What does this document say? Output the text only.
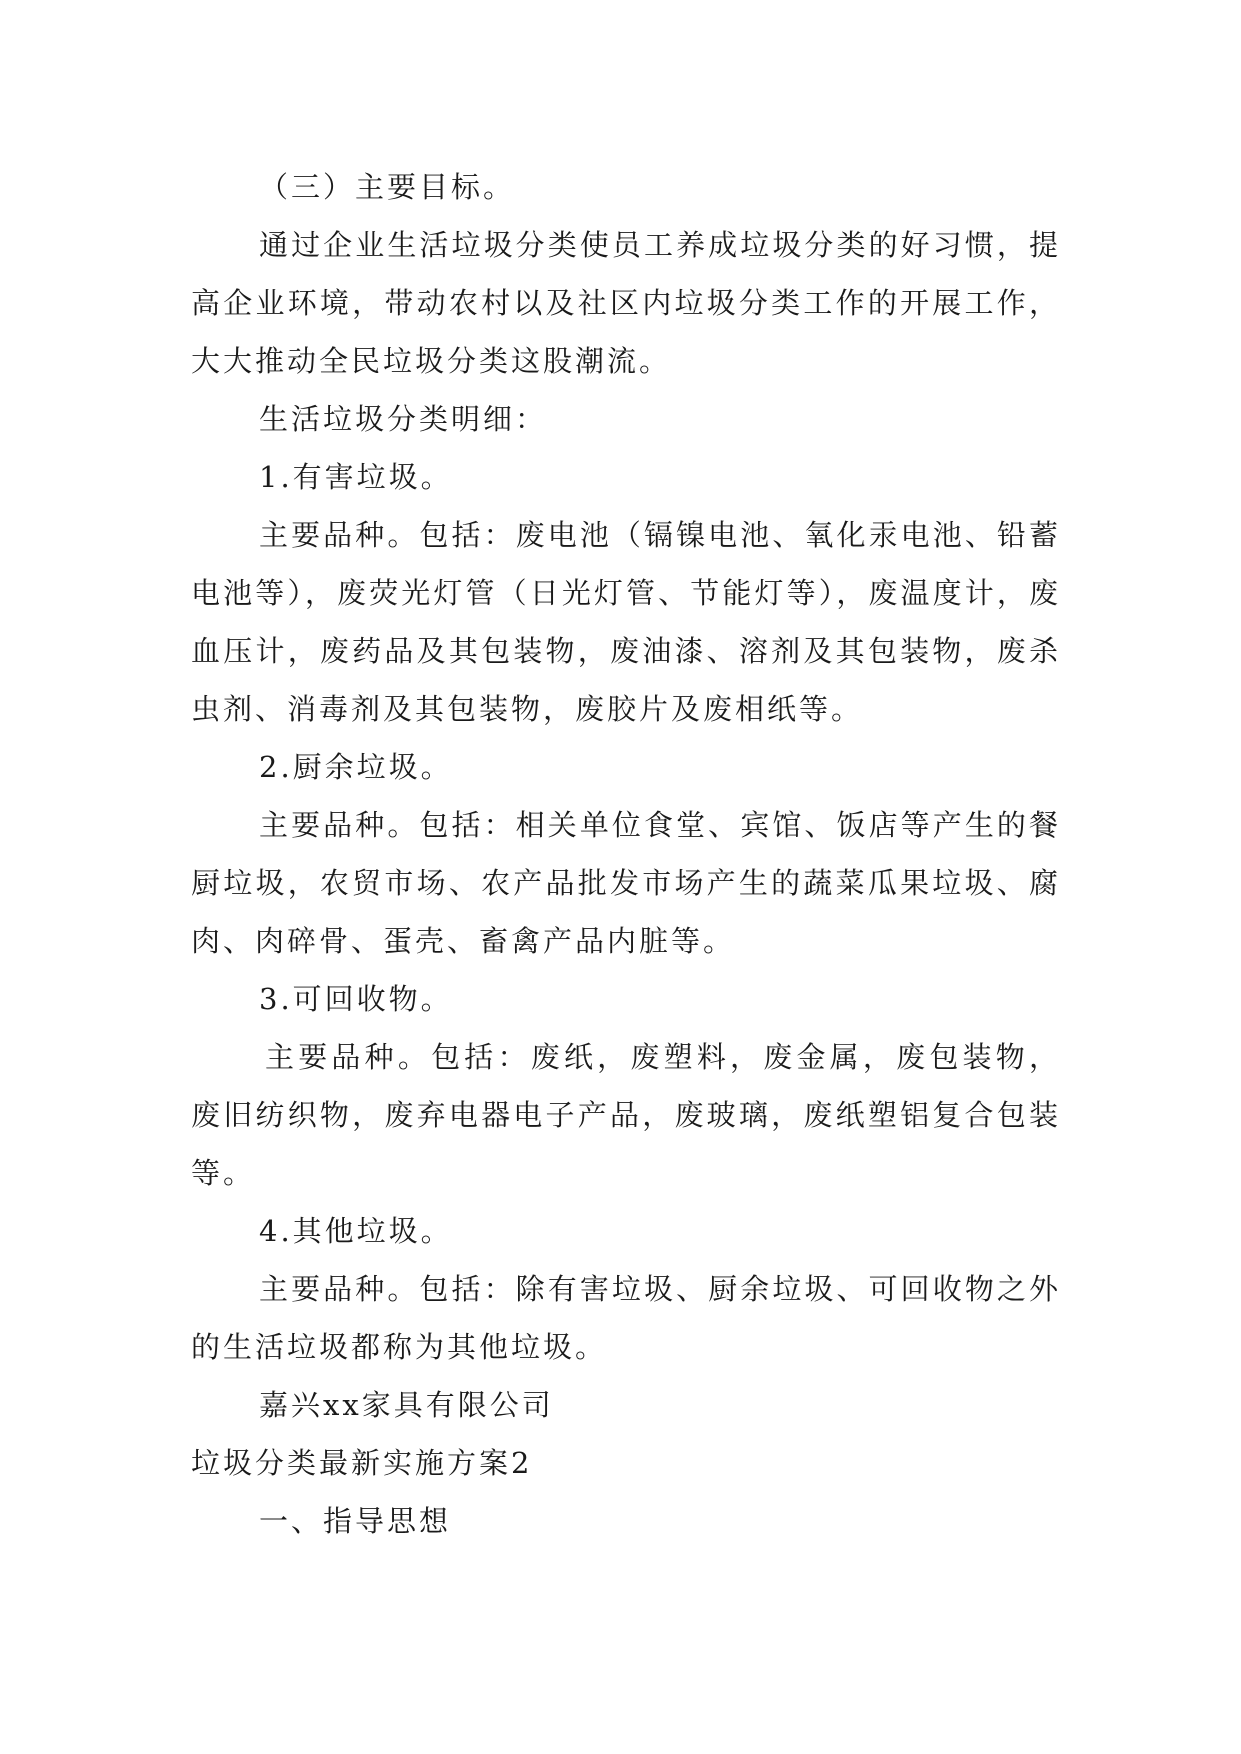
（三）主要目标。

通过企业生活垃圾分类使员工养成垃圾分类的好习惯，提高企业环境，带动农村以及社区内垃圾分类工作的开展工作，大大推动全民垃圾分类这股潮流。

生活垃圾分类明细：

1.有害垃圾。

主要品种。包括：废电池（镉镍电池、氧化汞电池、铅蓄电池等），废荧光灯管（日光灯管、节能灯等），废温度计，废血压计，废药品及其包装物，废油漆、溶剂及其包装物，废杀虫剂、消毒剂及其包装物，废胶片及废相纸等。

2.厨余垃圾。

主要品种。包括：相关单位食堂、宾馆、饭店等产生的餐厨垃圾，农贸市场、农产品批发市场产生的蔬菜瓜果垃圾、腐肉、肉碎骨、蛋壳、畜禽产品内脏等。

3.可回收物。

主要品种。包括：废纸，废塑料，废金属，废包装物，废旧纺织物，废弃电器电子产品，废玻璃，废纸塑铝复合包装等。

4.其他垃圾。

主要品种。包括：除有害垃圾、厨余垃圾、可回收物之外的生活垃圾都称为其他垃圾。

嘉兴xx家具有限公司

垃圾分类最新实施方案2

一、指导思想
